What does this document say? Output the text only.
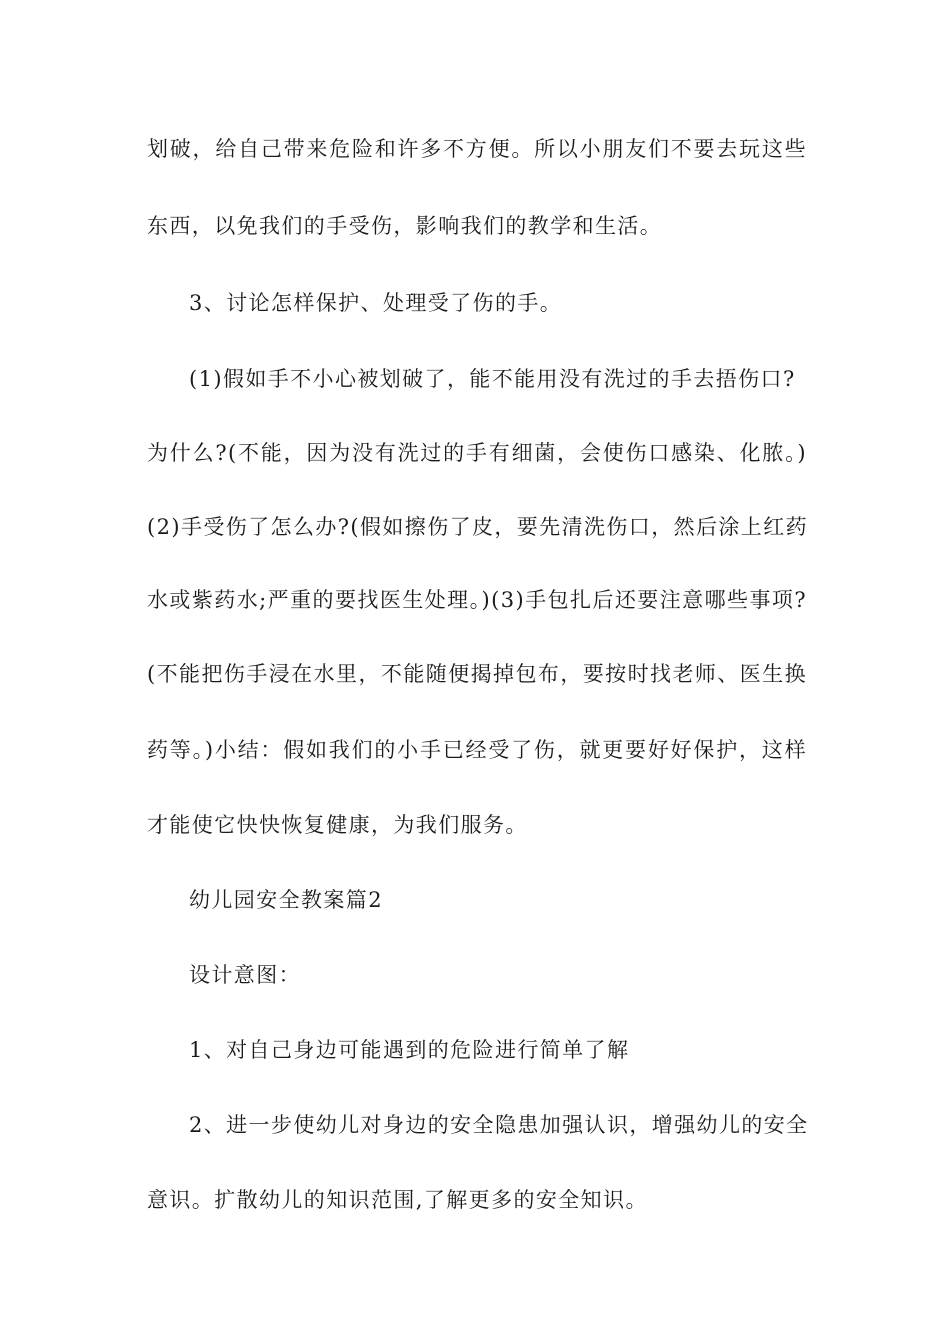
划破，给自己带来危险和许多不方便。所以小朋友们不要去玩这些
东西，以免我们的手受伤，影响我们的教学和生活。
3、讨论怎样保护、处理受了伤的手。
(1)假如手不小心被划破了，能不能用没有洗过的手去捂伤口?
为什么?(不能，因为没有洗过的手有细菌，会使伤口感染、化脓。)
(2)手受伤了怎么办?(假如擦伤了皮，要先清洗伤口，然后涂上红药
水或紫药水;严重的要找医生处理。)(3)手包扎后还要注意哪些事项?
(不能把伤手浸在水里，不能随便揭掉包布，要按时找老师、医生换
药等。)小结：假如我们的小手已经受了伤，就更要好好保护，这样
才能使它快快恢复健康，为我们服务。
幼儿园安全教案篇2
设计意图：
1、对自己身边可能遇到的危险进行简单了解
2、进一步使幼儿对身边的安全隐患加强认识，增强幼儿的安全
意识。扩散幼儿的知识范围,了解更多的安全知识。
